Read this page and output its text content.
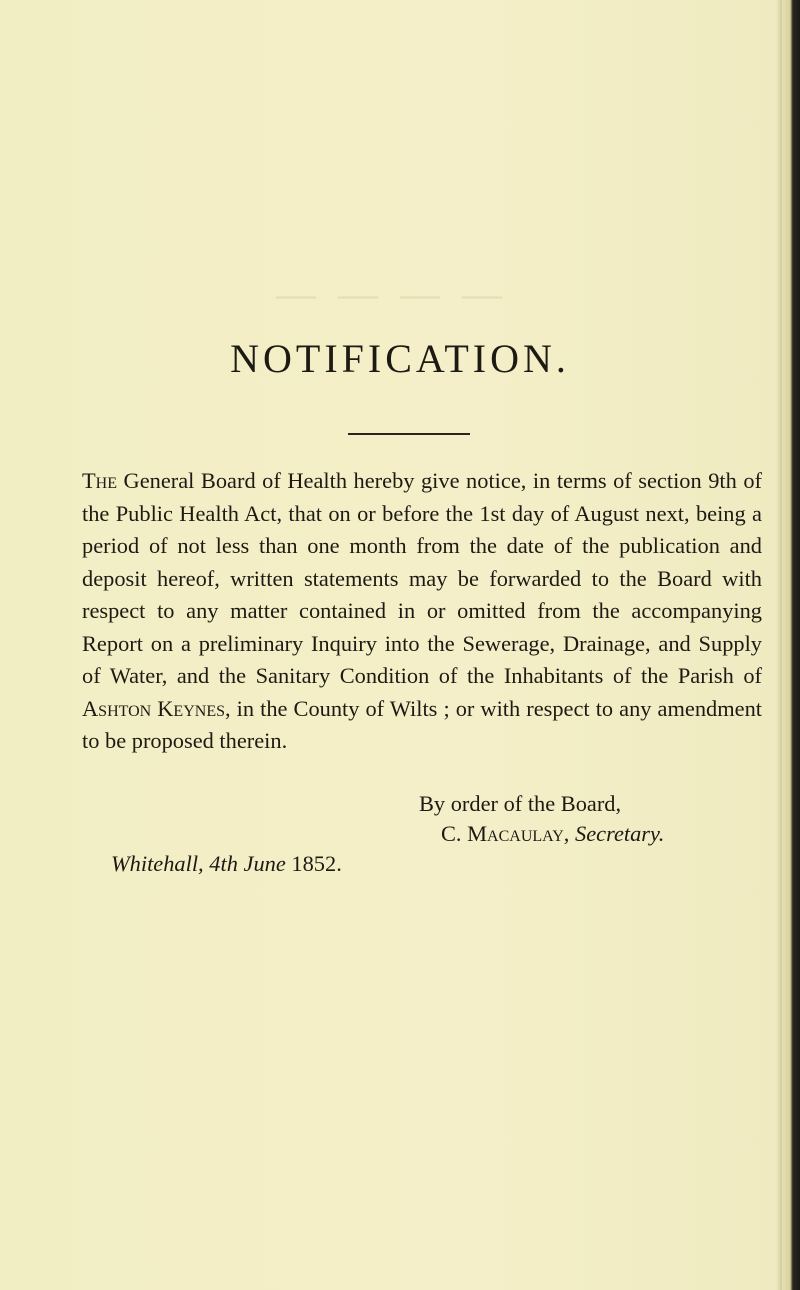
— — — —
NOTIFICATION.

The General Board of Health hereby give notice, in terms of section 9th of the Public Health Act, that on or before the 1st day of August next, being a period of not less than one month from the date of the publication and deposit hereof, written statements may be forwarded to the Board with respect to any matter contained in or omitted from the accompanying Report on a preliminary Inquiry into the Sewerage, Drainage, and Supply of Water, and the Sanitary Condition of the Inhabitants of the Parish of Ashton Keynes, in the County of Wilts ; or with respect to any amendment to be proposed therein.

By order of the Board,

C. Macaulay, Secretary.

Whitehall, 4th June 1852.
